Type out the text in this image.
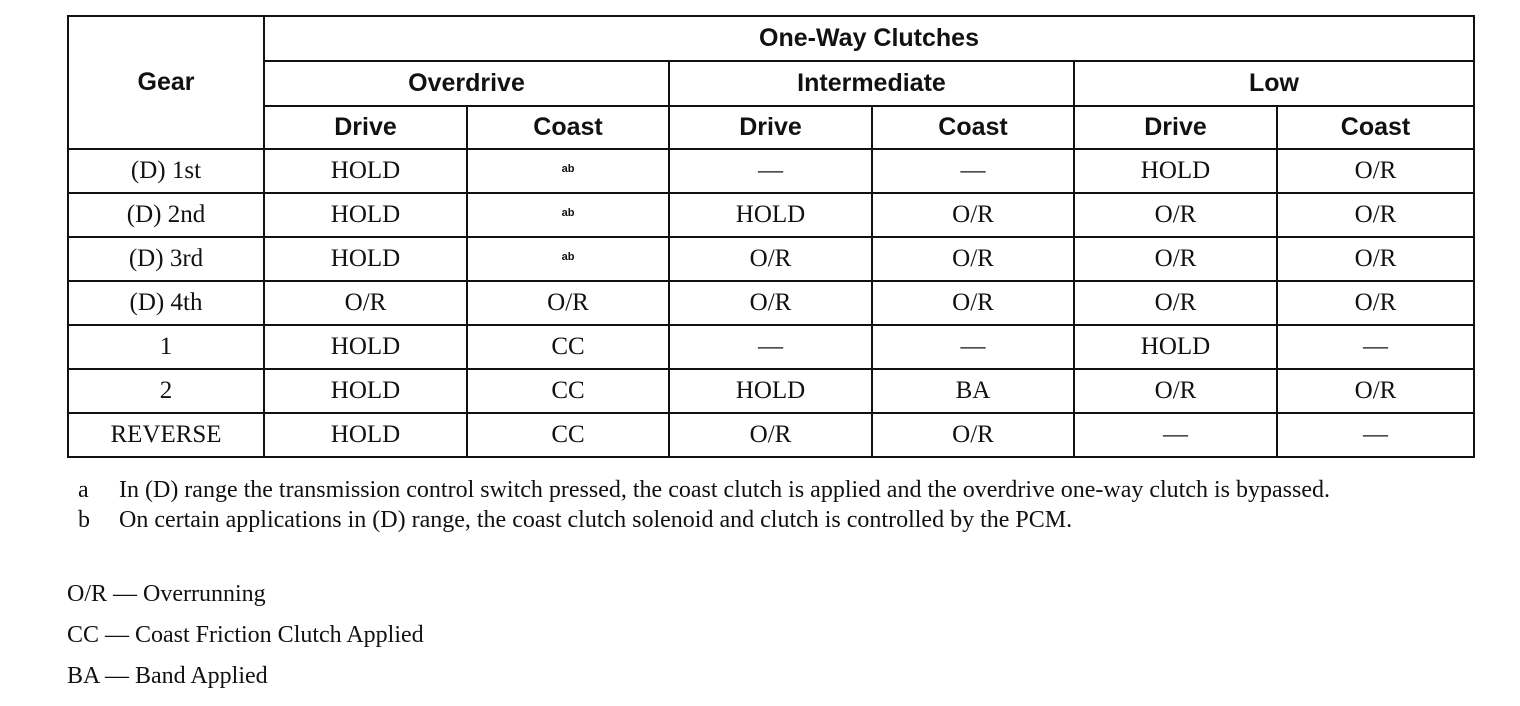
Gear	One-Way Clutches					
	Overdrive		Intermediate		Low	
	Drive	Coast	Drive	Coast	Drive	Coast
(D) 1st	HOLD	$^{ab}$	—	—	HOLD	O/R
(D) 2nd	HOLD	$^{ab}$	HOLD	O/R	O/R	O/R
(D) 3rd	HOLD	$^{ab}$	O/R	O/R	O/R	O/R
(D) 4th	O/R	O/R	O/R	O/R	O/R	O/R
1	HOLD	CC	—	—	HOLD	—
2	HOLD	CC	HOLD	BA	O/R	O/R
REVERSE	HOLD	CC	O/R	O/R	—	—
a	In (D) range the transmission control switch pressed, the coast clutch is applied and the overdrive one-way clutch is bypassed.
b	On certain applications in (D) range, the coast clutch solenoid and clutch is controlled by the PCM.
O/R — Overrunning
CC — Coast Friction Clutch Applied
BA — Band Applied
